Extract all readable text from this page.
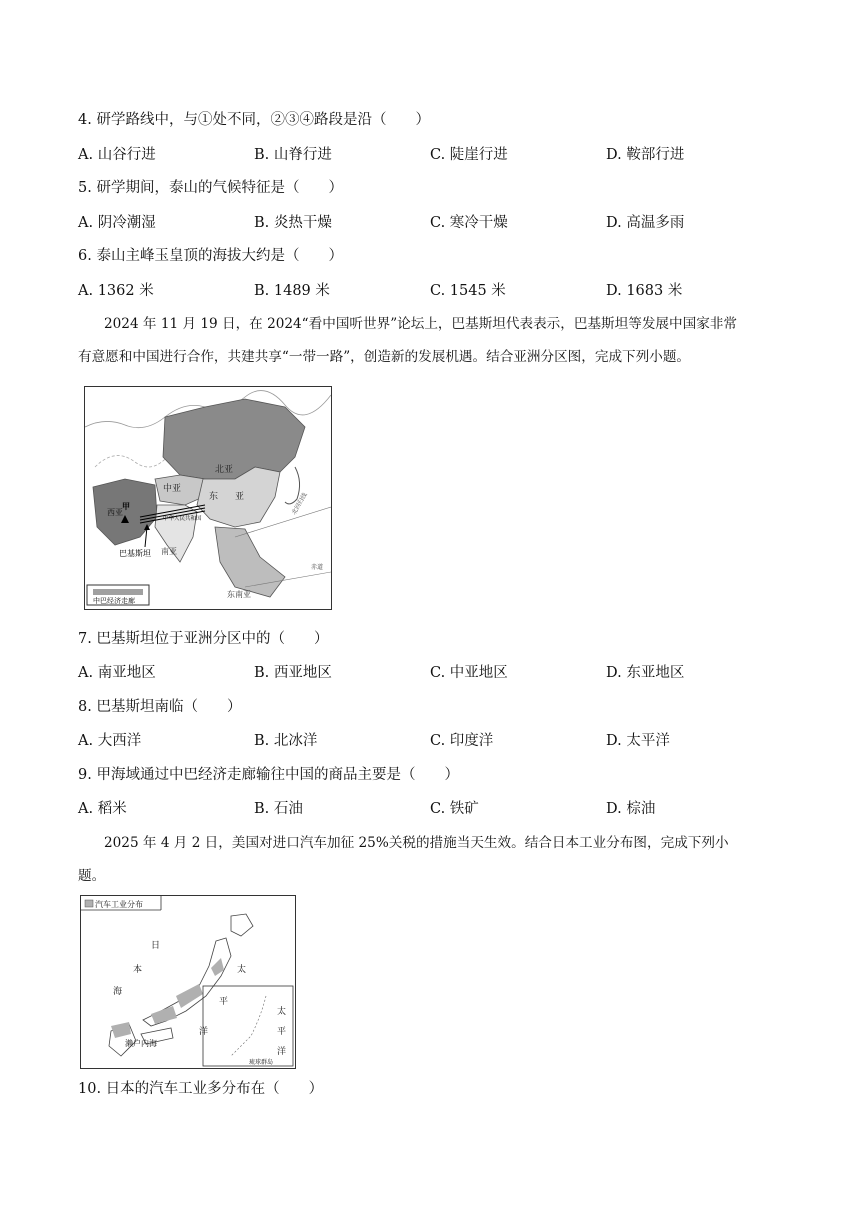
4. 研学路线中，与①处不同，②③④路段是沿（　　）
A. 山谷行进	B. 山脊行进	C. 陡崖行进	D. 鞍部行进
5. 研学期间，泰山的气候特征是（　　）
A. 阴冷潮湿	B. 炎热干燥	C. 寒冷干燥	D. 高温多雨
6. 泰山主峰玉皇顶的海拔大约是（　　）
A. 1362 米	B. 1489 米	C. 1545 米	D. 1683 米
2024 年 11 月 19 日，在 2024“看中国听世界”论坛上，巴基斯坦代表表示，巴基斯坦等发展中国家非常
有意愿和中国进行合作，共建共享“一带一路”，创造新的发展机遇。结合亚洲分区图，完成下列小题。
北亚
中亚
东 亚
西亚
甲
中华人民共和国
南亚
巴基斯坦
东南亚
北回归线
赤道
中巴经济走廊
7. 巴基斯坦位于亚洲分区中的（　　）
A. 南亚地区	B. 西亚地区	C. 中亚地区	D. 东亚地区
8. 巴基斯坦南临（　　）
A. 大西洋	B. 北冰洋	C. 印度洋	D. 太平洋
9. 甲海域通过中巴经济走廊输往中国的商品主要是（　　）
A. 稻米	B. 石油	C. 铁矿	D. 棕油
2025 年 4 月 2 日，美国对进口汽车加征 25%关税的措施当天生效。结合日本工业分布图，完成下列小
题。
汽车工业分布
日
本
海
太
平
洋
太
平
洋
濑户内海
琉球群岛
10. 日本的汽车工业多分布在（　　）
